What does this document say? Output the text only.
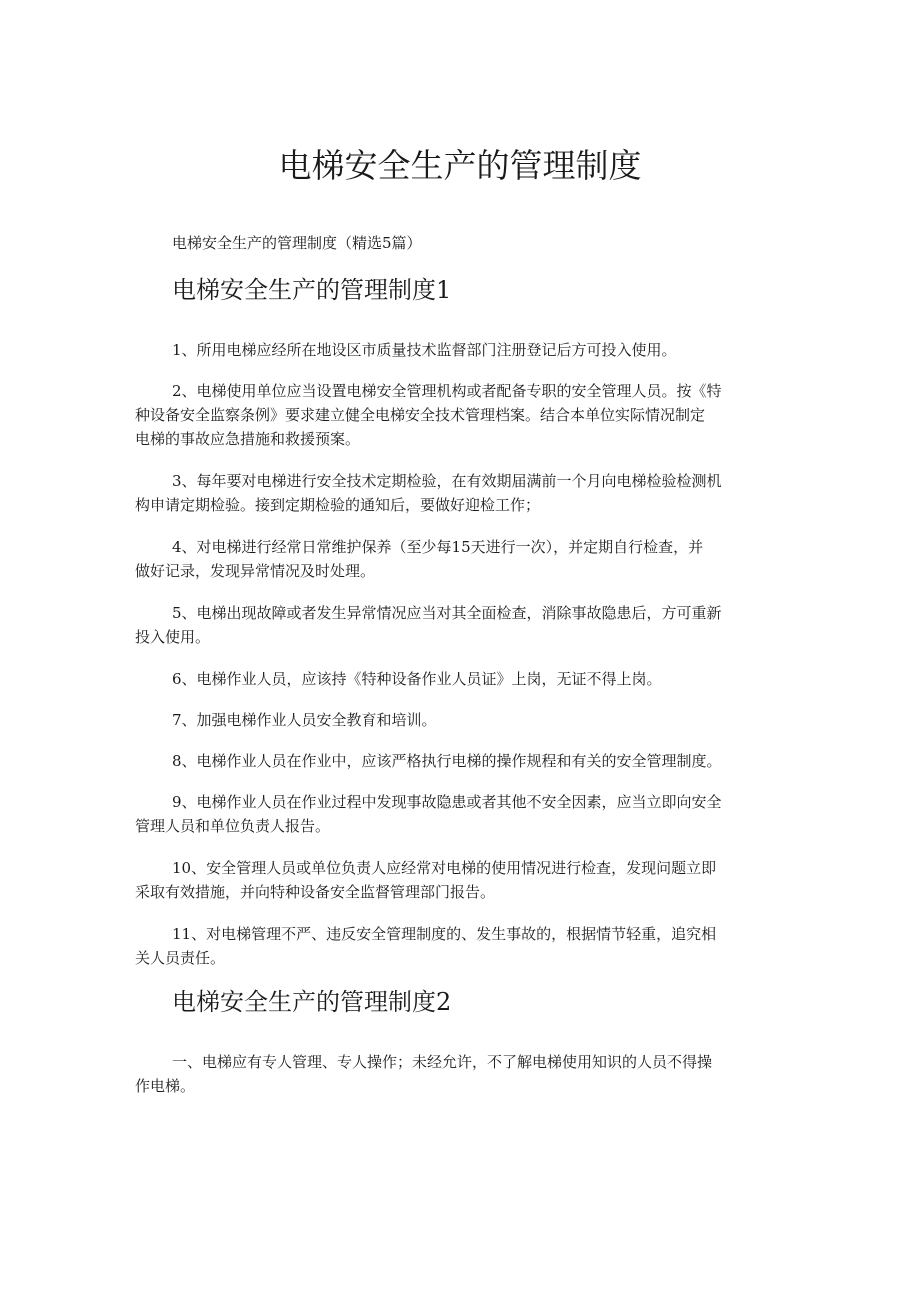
电梯安全生产的管理制度

电梯安全生产的管理制度（精选5篇）

电梯安全生产的管理制度1

1、所用电梯应经所在地设区市质量技术监督部门注册登记后方可投入使用。

2、电梯使用单位应当设置电梯安全管理机构或者配备专职的安全管理人员。按《特
种设备安全监察条例》要求建立健全电梯安全技术管理档案。结合本单位实际情况制定
电梯的事故应急措施和救援预案。

3、每年要对电梯进行安全技术定期检验，在有效期届满前一个月向电梯检验检测机
构申请定期检验。接到定期检验的通知后，要做好迎检工作；

4、对电梯进行经常日常维护保养（至少每15天进行一次），并定期自行检查，并
做好记录，发现异常情况及时处理。

5、电梯出现故障或者发生异常情况应当对其全面检查，消除事故隐患后，方可重新
投入使用。

6、电梯作业人员，应该持《特种设备作业人员证》上岗，无证不得上岗。

7、加强电梯作业人员安全教育和培训。

8、电梯作业人员在作业中，应该严格执行电梯的操作规程和有关的安全管理制度。

9、电梯作业人员在作业过程中发现事故隐患或者其他不安全因素，应当立即向安全
管理人员和单位负责人报告。

10、安全管理人员或单位负责人应经常对电梯的使用情况进行检查，发现问题立即
采取有效措施，并向特种设备安全监督管理部门报告。

11、对电梯管理不严、违反安全管理制度的、发生事故的，根据情节轻重，追究相
关人员责任。

电梯安全生产的管理制度2

一、电梯应有专人管理、专人操作；未经允许，不了解电梯使用知识的人员不得操
作电梯。
